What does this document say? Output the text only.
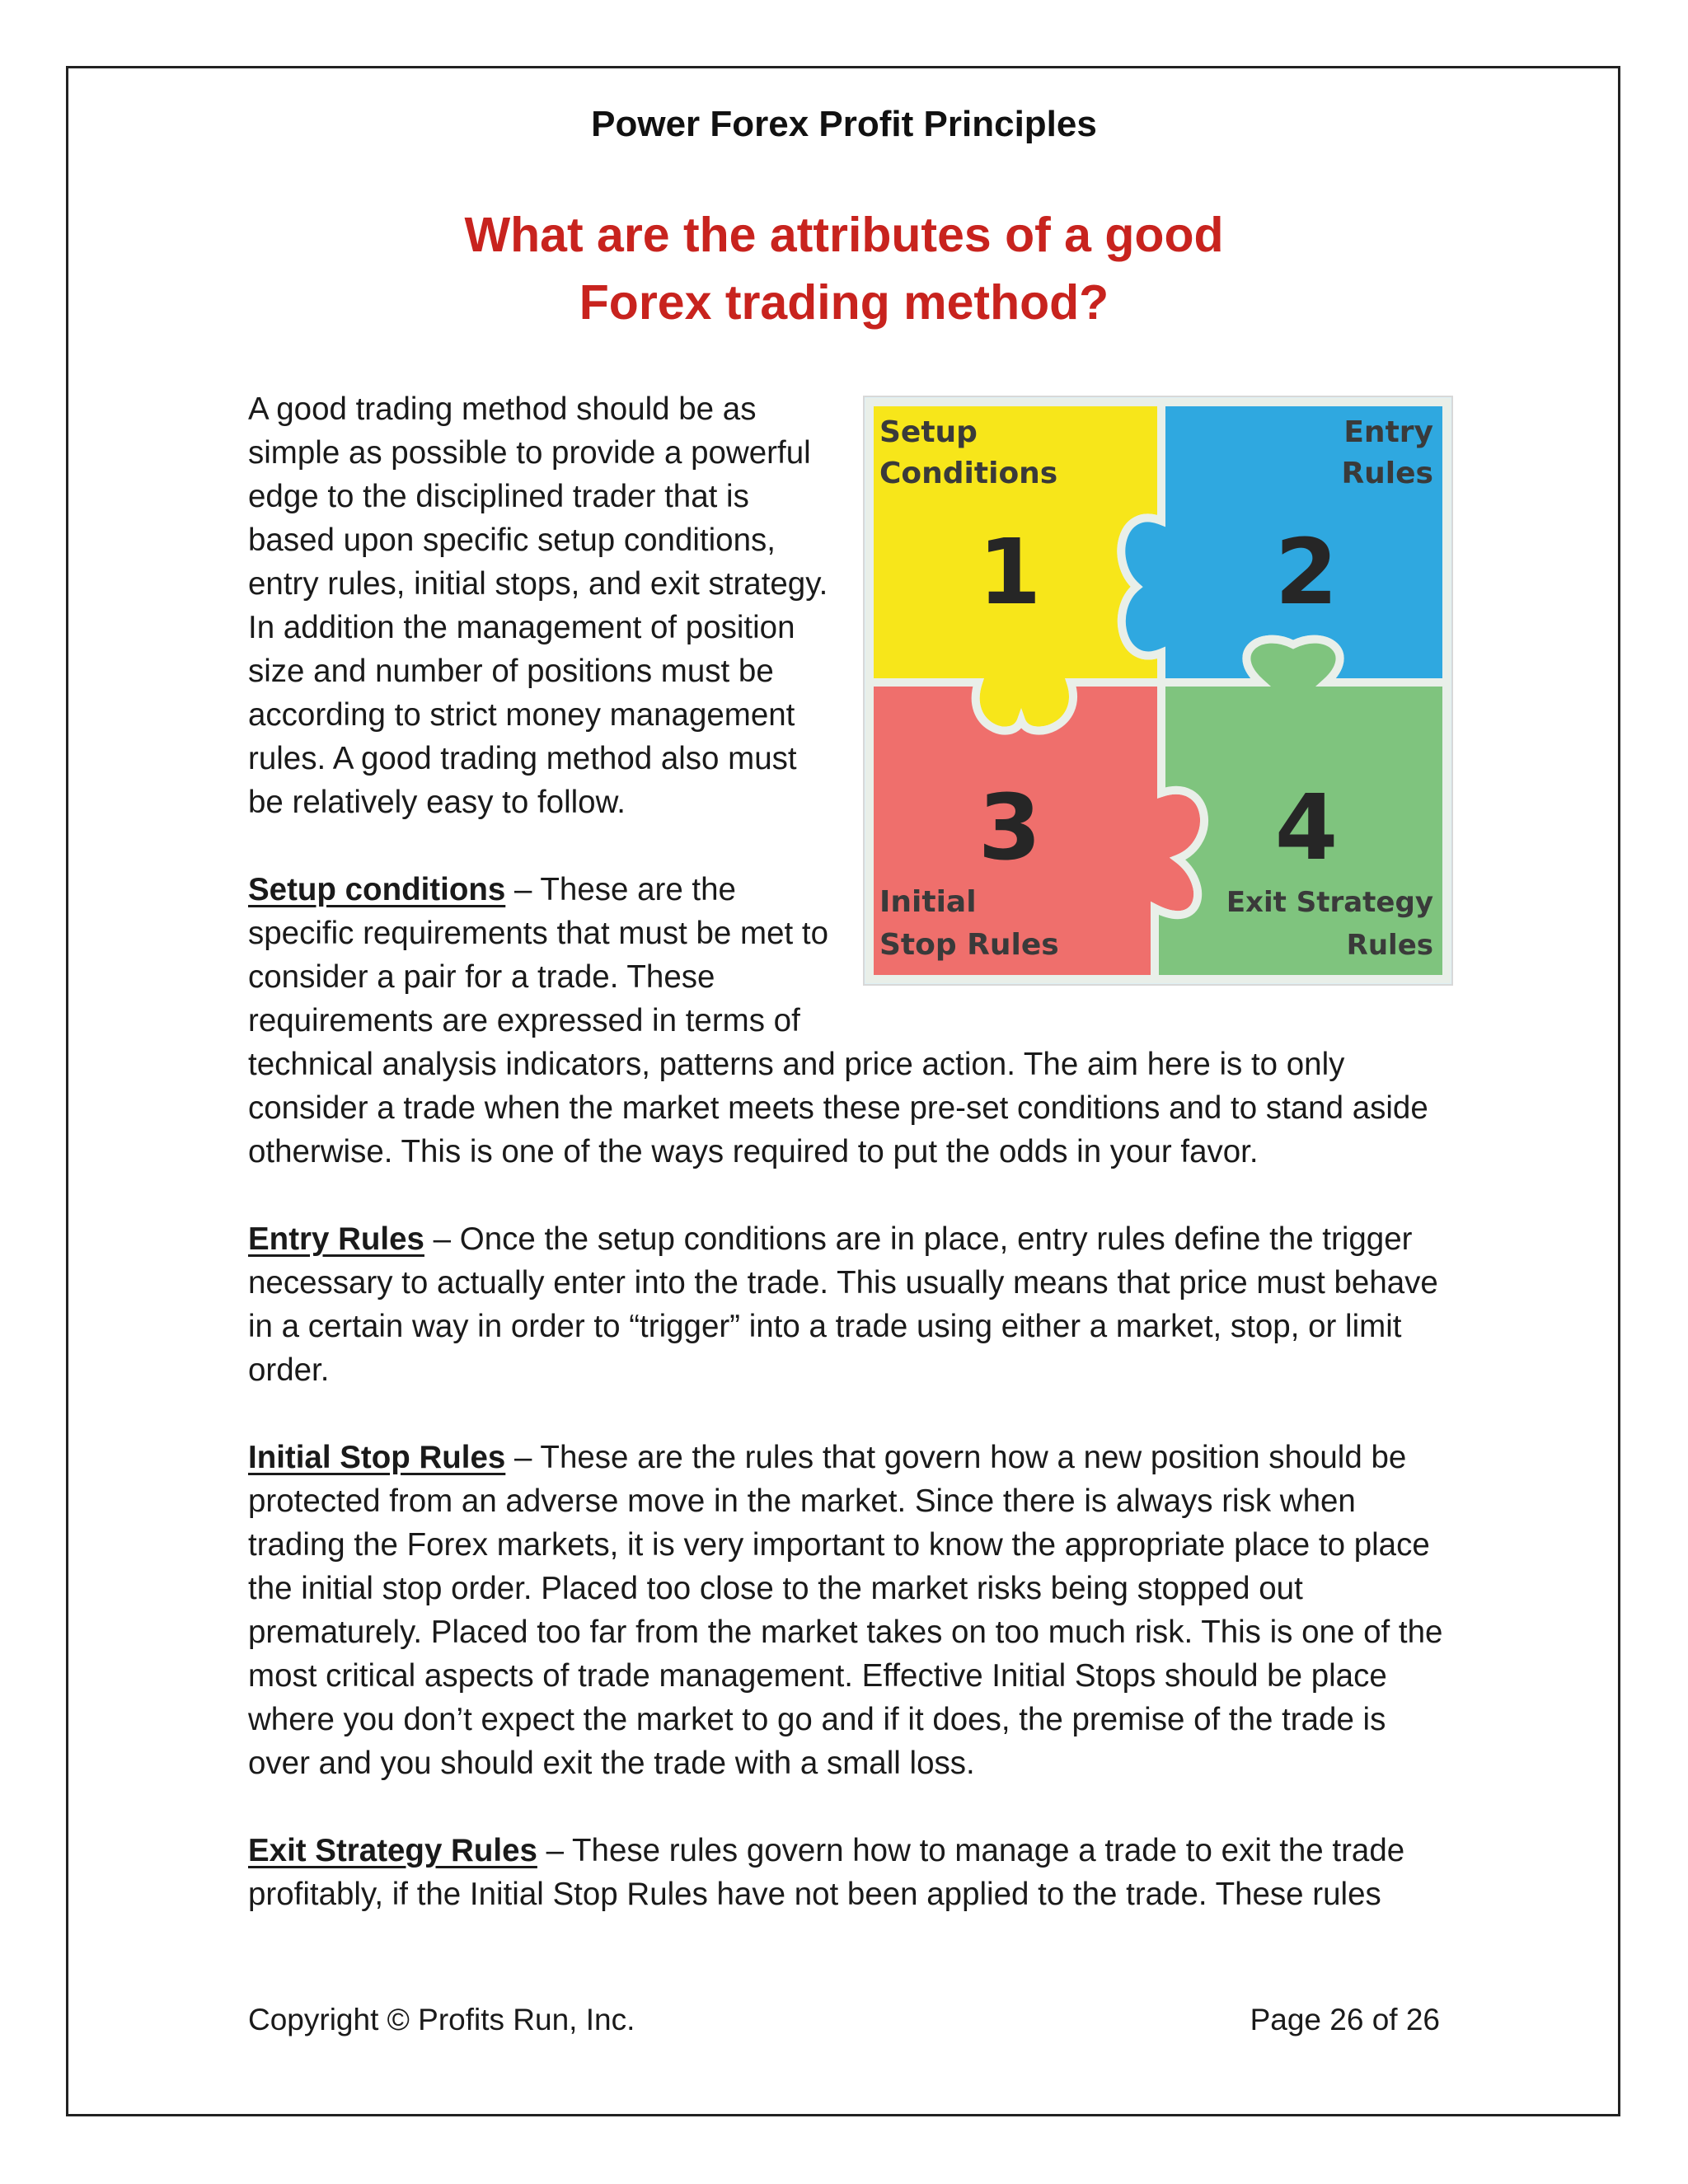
Power Forex Profit Principles
What are the attributes of a good
Forex trading method?
Setup
Conditions
1
Entry
Rules
2
3
Initial
Stop Rules
4
Exit Strategy
Rules

A good trading method should be as simple as possible to provide a powerful edge to the disciplined trader that is based upon specific setup conditions, entry rules, initial stops, and exit strategy. In addition the management of position size and number of positions must be according to strict money management rules. A good trading method also must be relatively easy to follow.

Setup conditions – These are the specific requirements that must be met to consider a pair for a trade. These requirements are expressed in terms of technical analysis indicators, patterns and price action. The aim here is to only consider a trade when the market meets these pre-set conditions and to stand aside otherwise. This is one of the ways required to put the odds in your favor.

Entry Rules – Once the setup conditions are in place, entry rules define the trigger necessary to actually enter into the trade. This usually means that price must behave in a certain way in order to “trigger” into a trade using either a market, stop, or limit order.

Initial Stop Rules – These are the rules that govern how a new position should be protected from an adverse move in the market. Since there is always risk when trading the Forex markets, it is very important to know the appropriate place to place the initial stop order. Placed too close to the market risks being stopped out prematurely. Placed too far from the market takes on too much risk. This is one of the most critical aspects of trade management. Effective Initial Stops should be place where you don’t expect the market to go and if it does, the premise of the trade is over and you should exit the trade with a small loss.

Exit Strategy Rules – These rules govern how to manage a trade to exit the trade profitably, if the Initial Stop Rules have not been applied to the trade. These rules

Copyright © Profits Run, Inc.	Page 26 of 26
